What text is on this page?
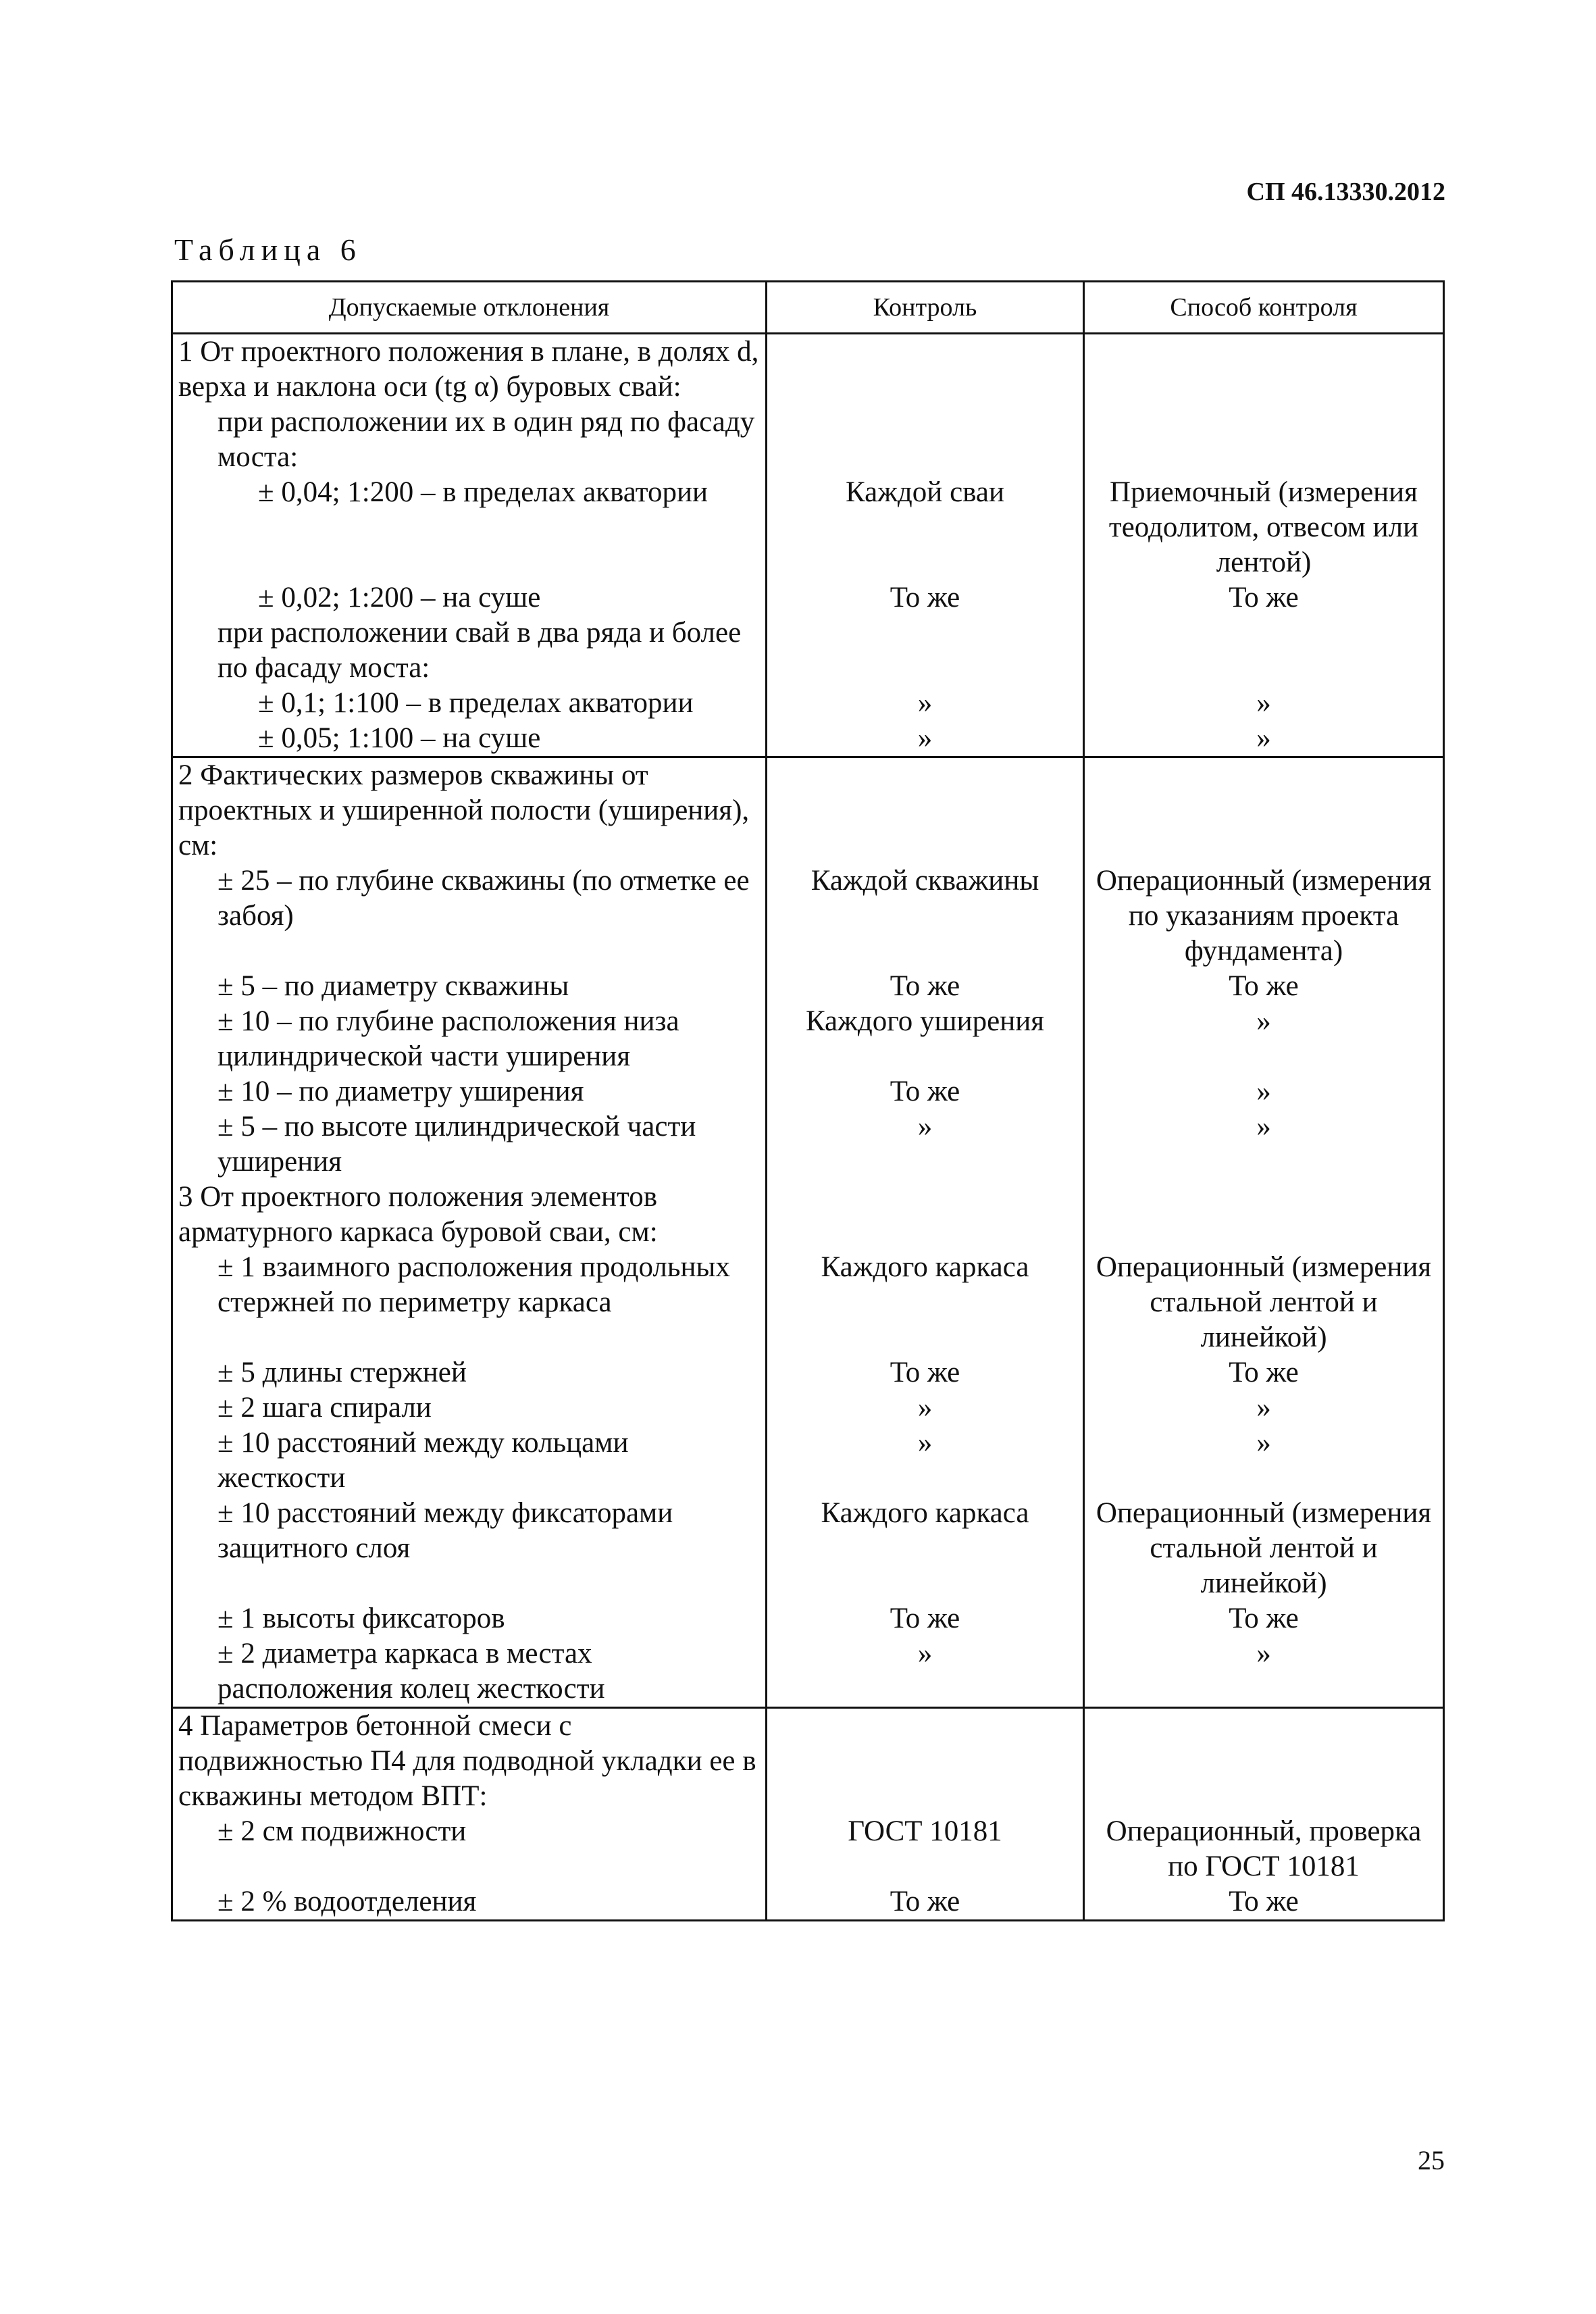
СП 46.13330.2012
Таблица 6
Допускаемые отклонения	Контроль	Способ контроля
1 От проектного положения в плане, в долях d, верха и наклона оси (tg α) буровых свай:		
при расположении их в один ряд по фасаду моста:		
± 0,04; 1:200 – в пределах акватории	Каждой сваи	Приемочный (измерения теодолитом, отвесом или лентой)
± 0,02; 1:200 – на суше	То же	То же
при расположении свай в два ряда и более по фасаду моста:		
± 0,1; 1:100 – в пределах акватории	»	»
± 0,05; 1:100 – на суше	»	»
2 Фактических размеров скважины от проектных и уширенной полости (уширения), см:		
± 25 – по глубине скважины (по отметке ее забоя)	Каждой скважины	Операционный (измерения по указаниям проекта фундамента)
± 5 – по диаметру скважины	То же	То же
± 10 – по глубине расположения низа цилиндрической части уширения	Каждого уширения	»
± 10 – по диаметру уширения	То же	»
± 5 – по высоте цилиндрической части уширения	»	»
3 От проектного положения элементов арматурного каркаса буровой сваи, см:		
± 1 взаимного расположения продольных стержней по периметру каркаса	Каждого каркаса	Операционный (измерения стальной лентой и линейкой)
± 5 длины стержней	То же	То же
± 2 шага спирали	»	»
± 10 расстояний между кольцами жесткости	»	»
± 10 расстояний между фиксаторами защитного слоя	Каждого каркаса	Операционный (измерения стальной лентой и линейкой)
± 1 высоты фиксаторов	То же	То же
± 2 диаметра каркаса в местах расположения колец жесткости	»	»
4 Параметров бетонной смеси с подвижностью П4 для подводной укладки ее в скважины методом ВПТ:		
± 2 см подвижности	ГОСТ 10181	Операционный, проверка по ГОСТ 10181
± 2 % водоотделения	То же	То же
25
